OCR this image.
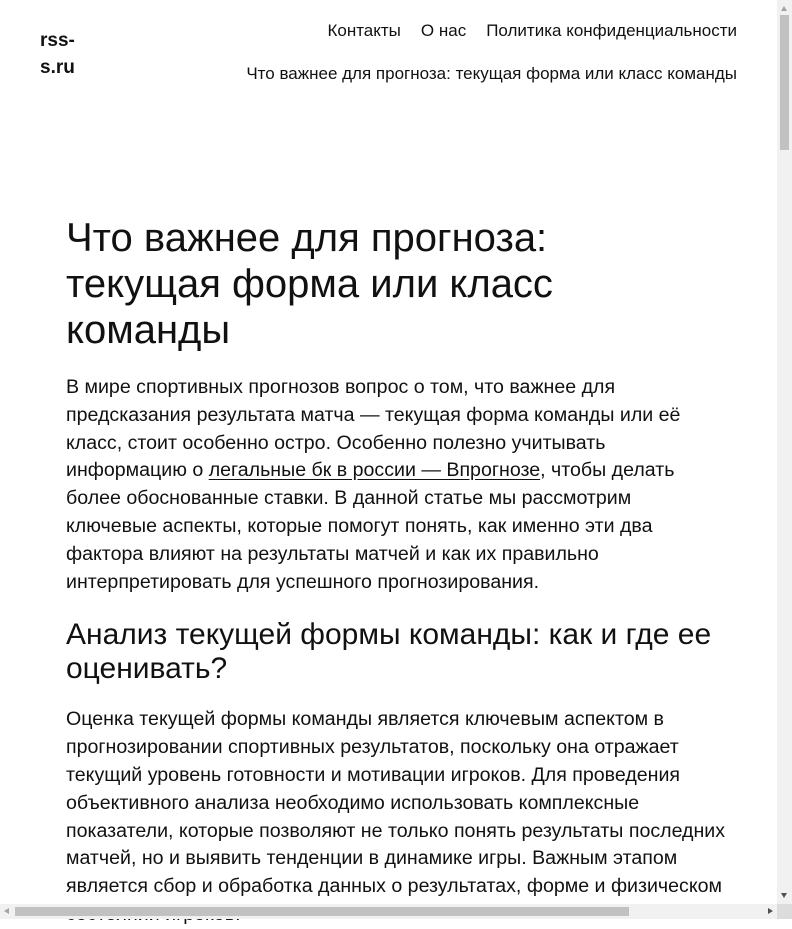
rss-s.ru
Контакты О нас Политика конфиденциальности
Что важнее для прогноза: текущая форма или класс команды
Что важнее для прогноза: текущая форма или класс команды

В мире спортивных прогнозов вопрос о том, что важнее для предсказания результата матча — текущая форма команды или её класс, стоит особенно остро. Особенно полезно учитывать информацию о легальные бк в россии — Впрогнозе, чтобы делать более обоснованные ставки. В данной статье мы рассмотрим ключевые аспекты, которые помогут понять, как именно эти два фактора влияют на результаты матчей и как их правильно интерпретировать для успешного прогнозирования.

Анализ текущей формы команды: как и где ее оценивать?

Оценка текущей формы команды является ключевым аспектом в прогнозировании спортивных результатов, поскольку она отражает текущий уровень готовности и мотивации игроков. Для проведения объективного анализа необходимо использовать комплексные показатели, которые позволяют не только понять результаты последних матчей, но и выявить тенденции в динамике игры. Важным этапом является сбор и обработка данных о результатах, форме и физическом
